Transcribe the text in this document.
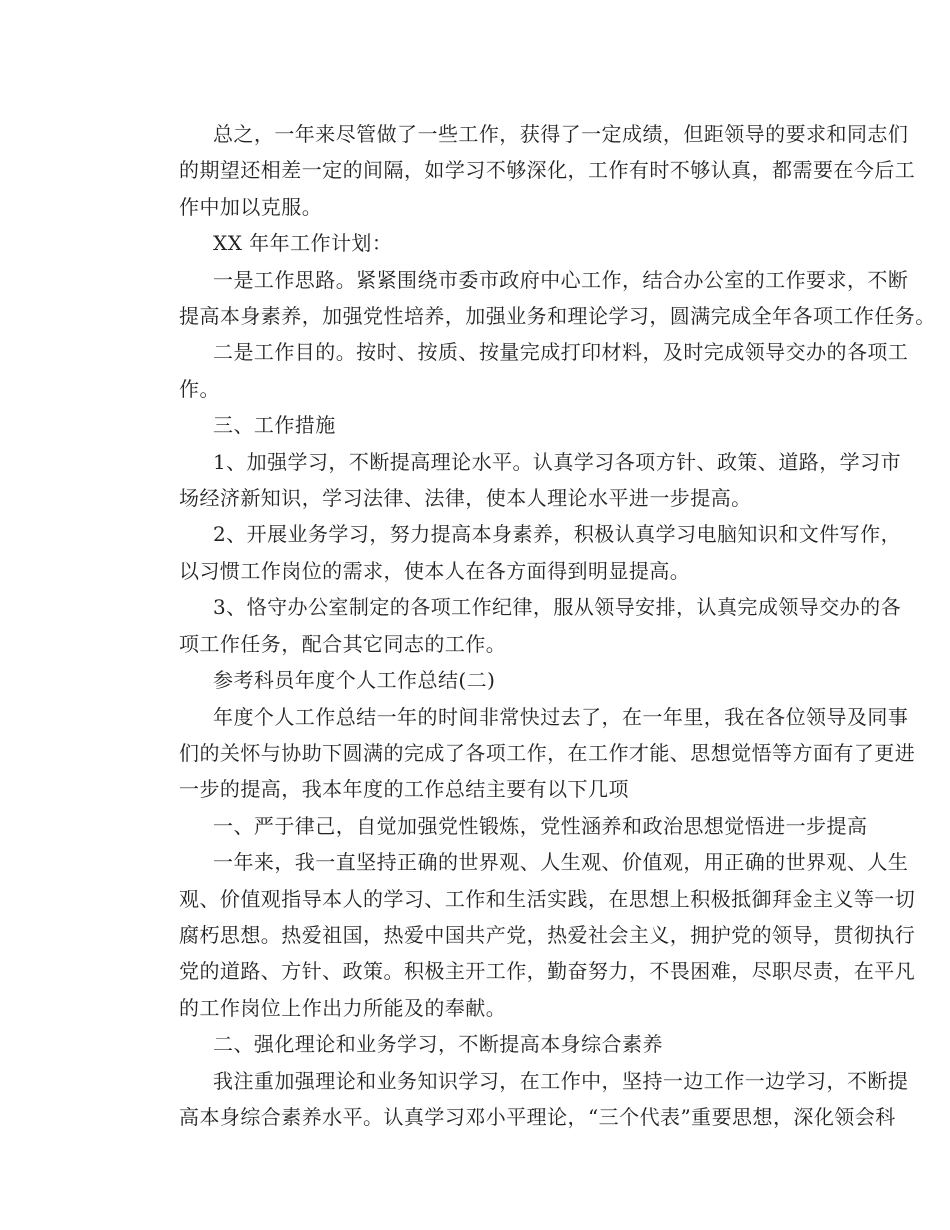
总之，一年来尽管做了一些工作，获得了一定成绩，但距领导的要求和同志们
的期望还相差一定的间隔，如学习不够深化，工作有时不够认真，都需要在今后工
作中加以克服。
XX 年年工作计划：
一是工作思路。紧紧围绕市委市政府中心工作，结合办公室的工作要求，不断
提高本身素养，加强党性培养，加强业务和理论学习，圆满完成全年各项工作任务。
二是工作目的。按时、按质、按量完成打印材料，及时完成领导交办的各项工
作。
三、工作措施
1、加强学习，不断提高理论水平。认真学习各项方针、政策、道路，学习市
场经济新知识，学习法律、法律，使本人理论水平进一步提高。
2、开展业务学习，努力提高本身素养，积极认真学习电脑知识和文件写作，
以习惯工作岗位的需求，使本人在各方面得到明显提高。
3、恪守办公室制定的各项工作纪律，服从领导安排，认真完成领导交办的各
项工作任务，配合其它同志的工作。
参考科员年度个人工作总结(二)
年度个人工作总结一年的时间非常快过去了，在一年里，我在各位领导及同事
们的关怀与协助下圆满的完成了各项工作，在工作才能、思想觉悟等方面有了更进
一步的提高，我本年度的工作总结主要有以下几项
一、严于律己，自觉加强党性锻炼，党性涵养和政治思想觉悟进一步提高
一年来，我一直坚持正确的世界观、人生观、价值观，用正确的世界观、人生
观、价值观指导本人的学习、工作和生活实践，在思想上积极抵御拜金主义等一切
腐朽思想。热爱祖国，热爱中国共产党，热爱社会主义，拥护党的领导，贯彻执行
党的道路、方针、政策。积极主开工作，勤奋努力，不畏困难，尽职尽责，在平凡
的工作岗位上作出力所能及的奉献。
二、强化理论和业务学习，不断提高本身综合素养
我注重加强理论和业务知识学习，在工作中，坚持一边工作一边学习，不断提
高本身综合素养水平。认真学习邓小平理论，“三个代表”重要思想，深化领会科
